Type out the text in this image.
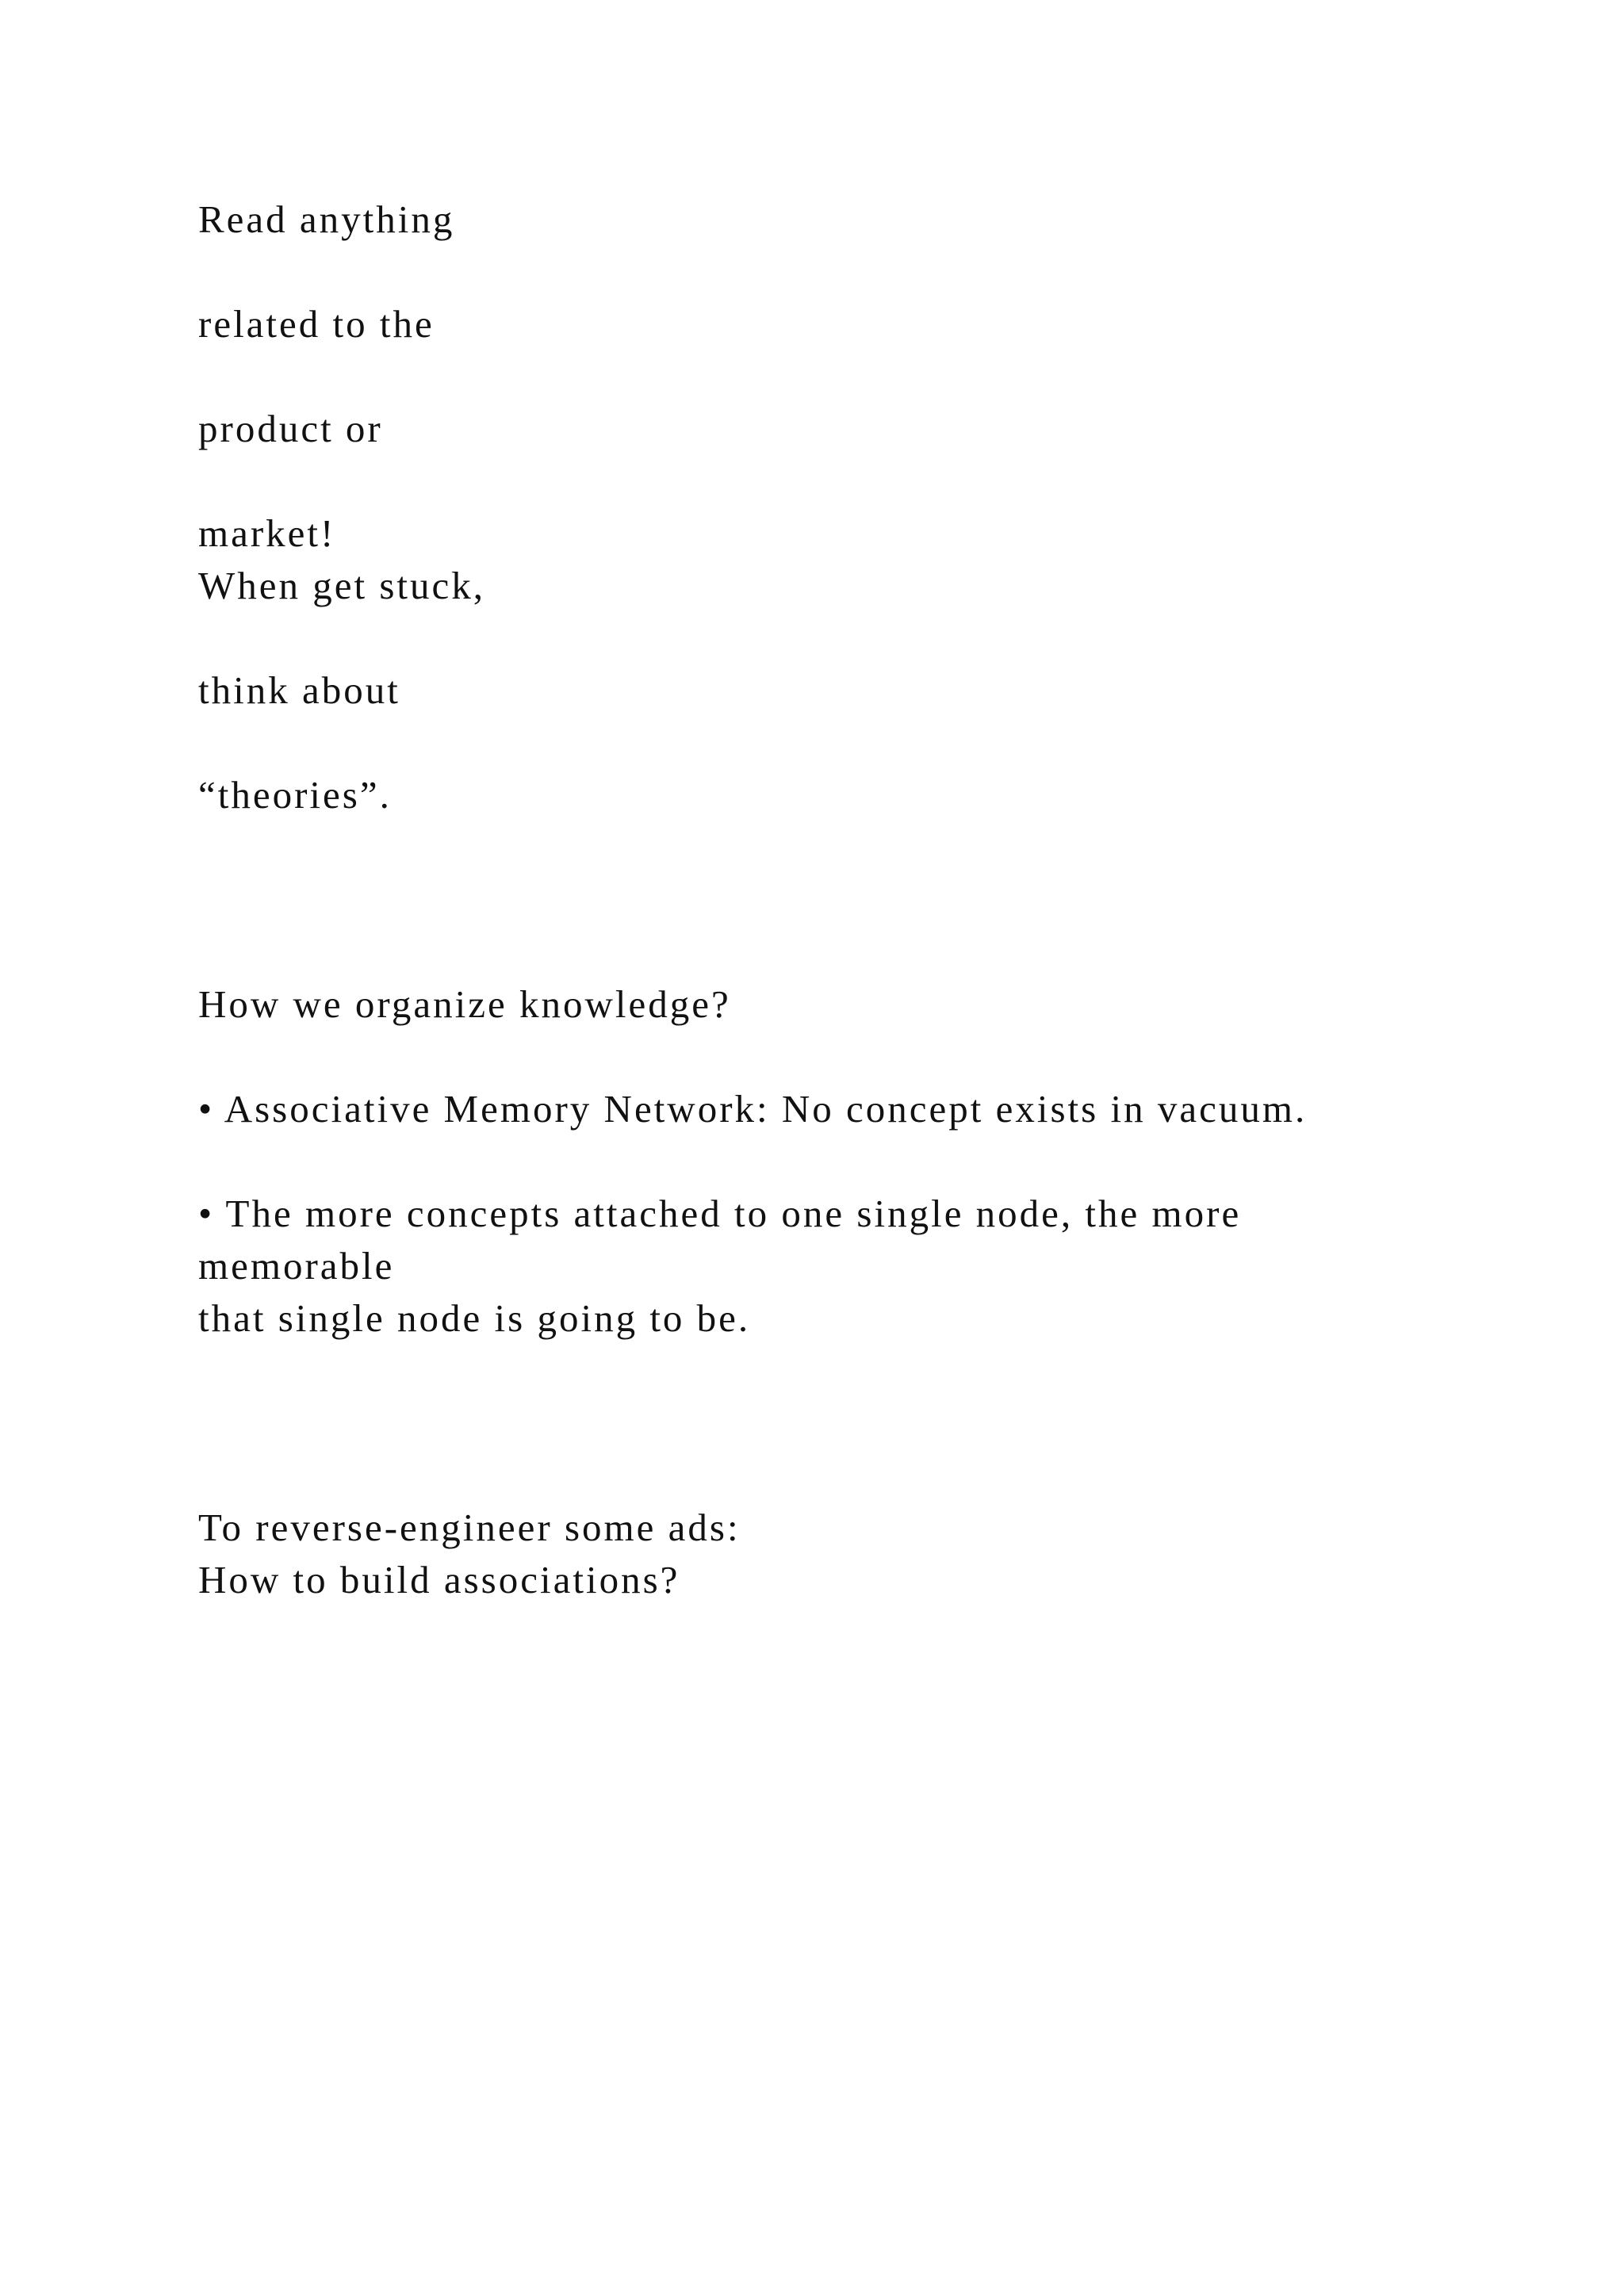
Read anything
related to the
product or
market!
When get stuck,
think about
“theories”.
How we organize knowledge?
• Associative Memory Network: No concept exists in vacuum.
• The more concepts attached to one single node, the more
memorable
that single node is going to be.
To reverse-engineer some ads:
How to build associations?
